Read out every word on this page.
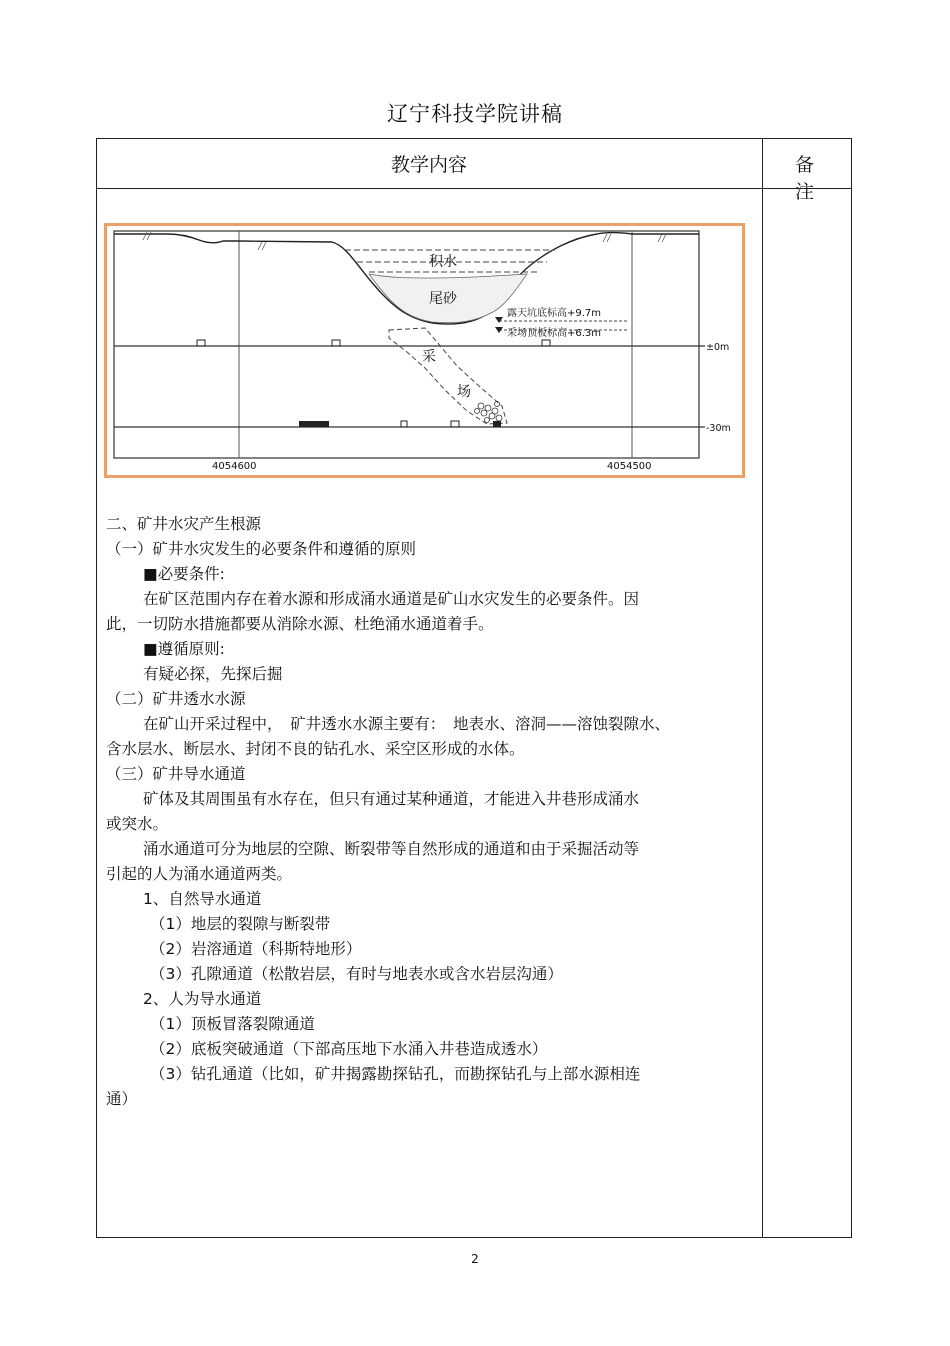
辽宁科技学院讲稿
教学内容	备　注
积水
尾砂
露天坑底标高+9.7m
采场顶板标高+6.3m
采
场
±0m
-30m
4054600	4054500

二、矿井水灾产生根源

（一）矿井水灾发生的必要条件和遵循的原则

■必要条件:

在矿区范围内存在着水源和形成涌水通道是矿山水灾发生的必要条件。因

此，一切防水措施都要从消除水源、杜绝涌水通道着手。

■遵循原则:

有疑必探，先探后掘

（二）矿井透水水源

在矿山开采过程中，　矿井透水水源主要有：　地表水、溶洞——溶蚀裂隙水、

含水层水、断层水、封闭不良的钻孔水、采空区形成的水体。

（三）矿井导水通道

矿体及其周围虽有水存在，但只有通过某种通道，才能进入井巷形成涌水

或突水。

涌水通道可分为地层的空隙、断裂带等自然形成的通道和由于采掘活动等

引起的人为涌水通道两类。

1、自然导水通道

（1）地层的裂隙与断裂带

（2）岩溶通道（科斯特地形）

（3）孔隙通道（松散岩层，有时与地表水或含水岩层沟通）

2、人为导水通道

（1）顶板冒落裂隙通道

（2）底板突破通道（下部高压地下水涌入井巷造成透水）

（3）钻孔通道（比如，矿井揭露勘探钻孔，而勘探钻孔与上部水源相连

通）

2
